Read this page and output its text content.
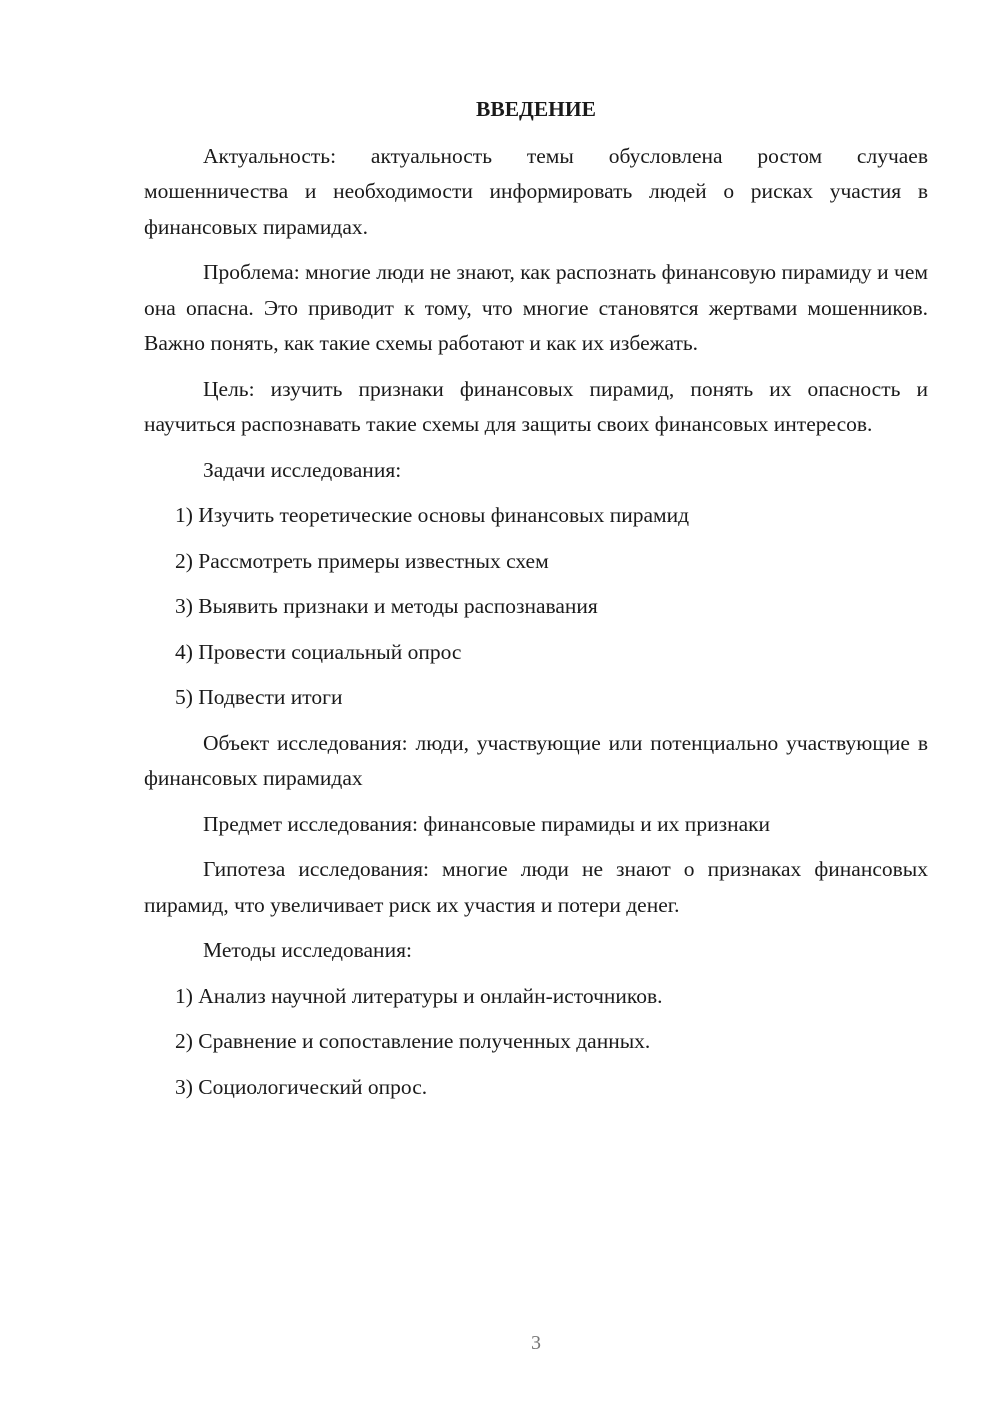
ВВЕДЕНИЕ

Актуальность: актуальность темы обусловлена ростом случаев мошенничества и необходимости информировать людей о рисках участия в финансовых пирамидах.

Проблема: многие люди не знают, как распознать финансовую пирамиду и чем она опасна. Это приводит к тому, что многие становятся жертвами мошенников. Важно понять, как такие схемы работают и как их избежать.

Цель: изучить признаки финансовых пирамид, понять их опасность и научиться распознавать такие схемы для защиты своих финансовых интересов.

Задачи исследования:

1) Изучить теоретические основы финансовых пирамид
2) Рассмотреть примеры известных схем
3) Выявить признаки и методы распознавания
4) Провести социальный опрос
5) Подвести итоги

Объект исследования: люди, участвующие или потенциально участвующие в финансовых пирамидах

Предмет исследования: финансовые пирамиды и их признаки

Гипотеза исследования: многие люди не знают о признаках финансовых пирамид, что увеличивает риск их участия и потери денег.

Методы исследования:

1) Анализ научной литературы и онлайн-источников.
2) Сравнение и сопоставление полученных данных.
3) Социологический опрос.
3
